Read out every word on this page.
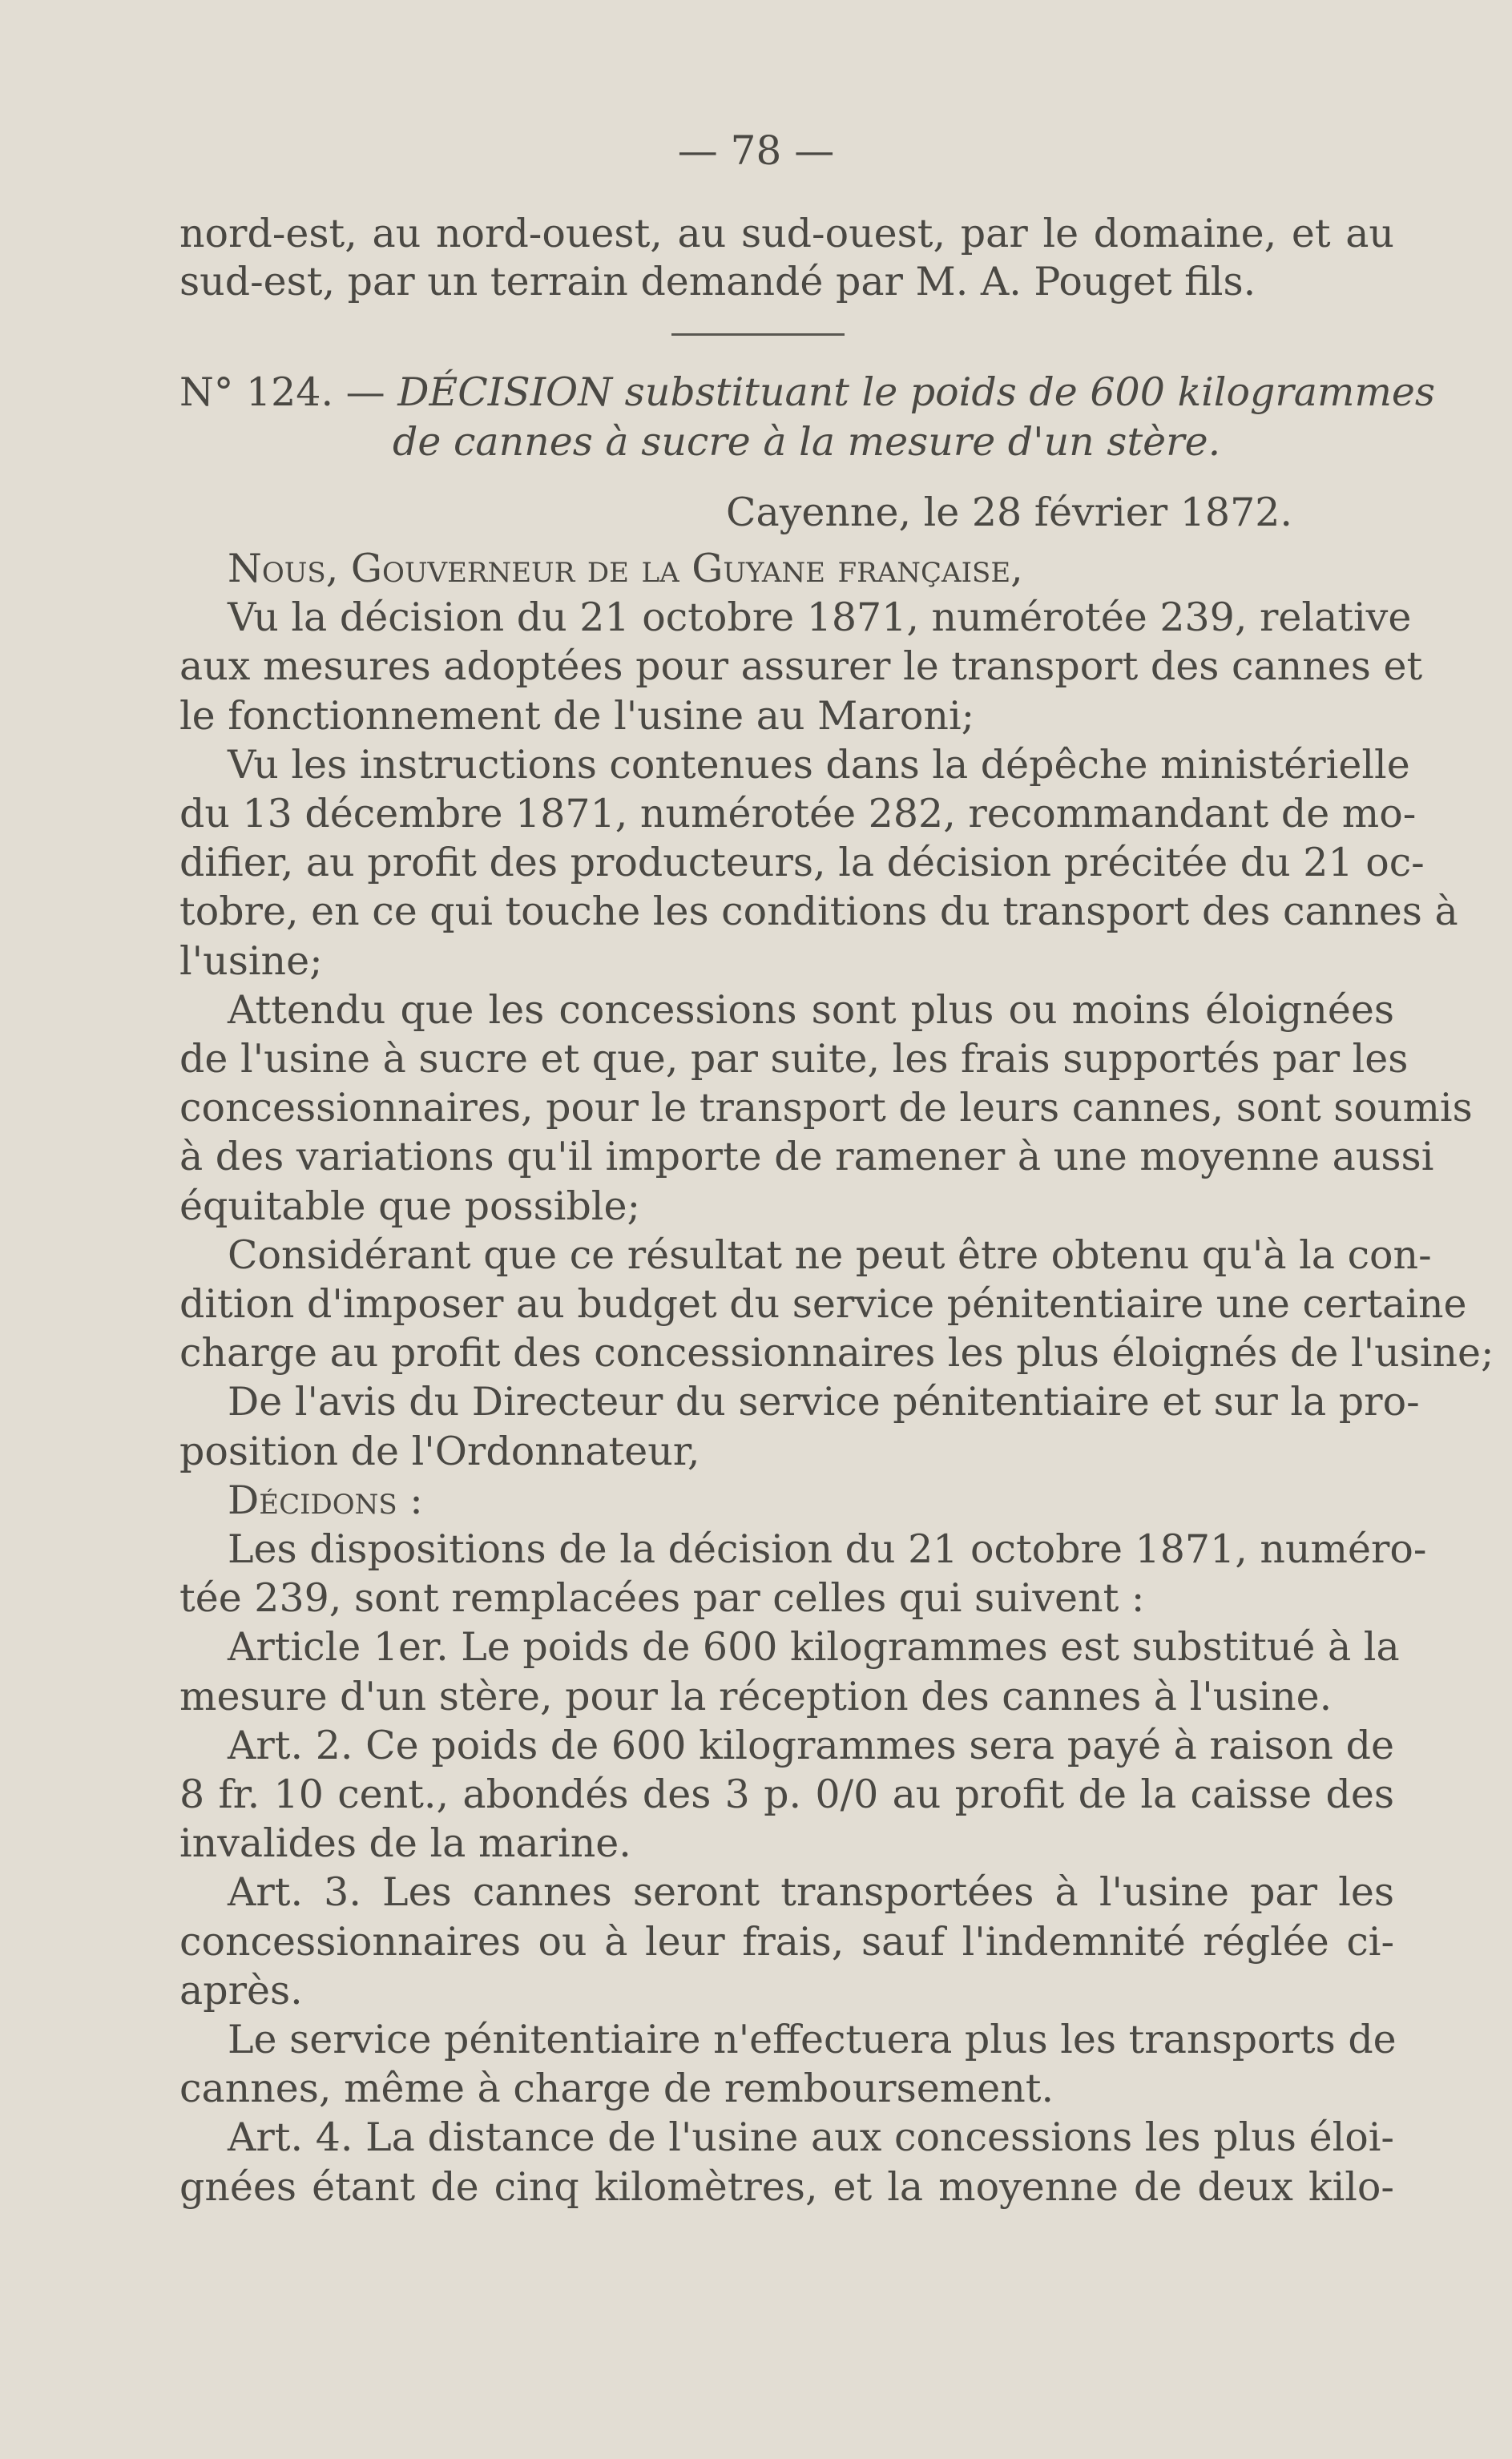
— 78 —
nord-est, au nord-ouest, au sud-ouest, par le domaine, et au
sud-est, par un terrain demandé par M. A. Pouget fils.
N° 124. — DÉCISION substituant le poids de 600 kilogrammes
de cannes à sucre à la mesure d'un stère.
Cayenne, le 28 février 1872.
Nous, Gouverneur de la Guyane française,
Vu la décision du 21 octobre 1871, numérotée 239, relative
aux mesures adoptées pour assurer le transport des cannes et
le fonctionnement de l'usine au Maroni;
Vu les instructions contenues dans la dépêche ministérielle
du 13 décembre 1871, numérotée 282, recommandant de mo-
difier, au profit des producteurs, la décision précitée du 21 oc-
tobre, en ce qui touche les conditions du transport des cannes à
l'usine;
Attendu que les concessions sont plus ou moins éloignées
de l'usine à sucre et que, par suite, les frais supportés par les
concessionnaires, pour le transport de leurs cannes, sont soumis
à des variations qu'il importe de ramener à une moyenne aussi
équitable que possible;
Considérant que ce résultat ne peut être obtenu qu'à la con-
dition d'imposer au budget du service pénitentiaire une certaine
charge au profit des concessionnaires les plus éloignés de l'usine;
De l'avis du Directeur du service pénitentiaire et sur la pro-
position de l'Ordonnateur,
Décidons :
Les dispositions de la décision du 21 octobre 1871, numéro-
tée 239, sont remplacées par celles qui suivent :
Article 1er. Le poids de 600 kilogrammes est substitué à la
mesure d'un stère, pour la réception des cannes à l'usine.
Art. 2. Ce poids de 600 kilogrammes sera payé à raison de
8 fr. 10 cent., abondés des 3 p. 0/0 au profit de la caisse des
invalides de la marine.
Art. 3. Les cannes seront transportées à l'usine par les
concessionnaires ou à leur frais, sauf l'indemnité réglée ci-
après.
Le service pénitentiaire n'effectuera plus les transports de
cannes, même à charge de remboursement.
Art. 4. La distance de l'usine aux concessions les plus éloi-
gnées étant de cinq kilomètres, et la moyenne de deux kilo-
